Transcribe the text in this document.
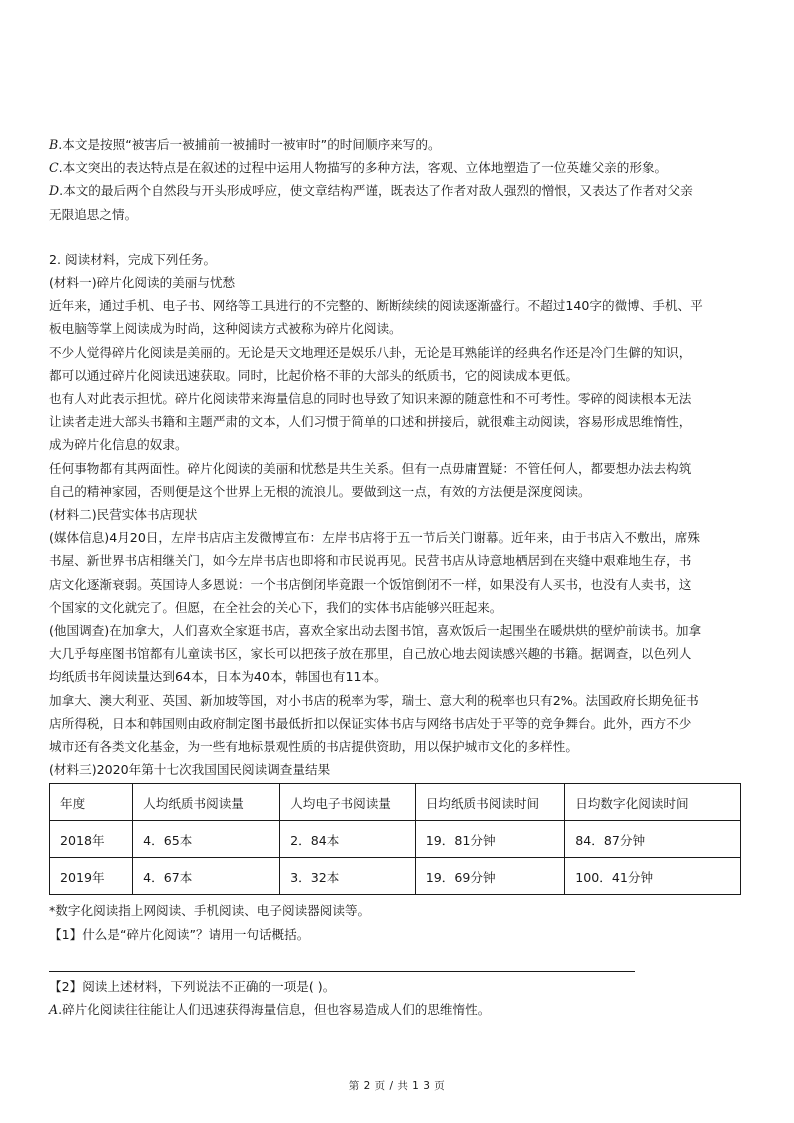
B.本文是按照“被害后一被捕前一被捕时一被审时”的时间顺序来写的。

C.本文突出的表达特点是在叙述的过程中运用人物描写的多种方法，客观、立体地塑造了一位英雄父亲的形象。

D.本文的最后两个自然段与开头形成呼应，使文章结构严谨，既表达了作者对敌人强烈的憎恨，又表达了作者对父亲

无限追思之情。

2. 阅读材料，完成下列任务。

(材料一)碎片化阅读的美丽与忧愁

近年来，通过手机、电子书、网络等工具进行的不完整的、断断续续的阅读逐渐盛行。不超过140字的微博、手机、平

板电脑等掌上阅读成为时尚，这种阅读方式被称为碎片化阅读。

不少人觉得碎片化阅读是美丽的。无论是天文地理还是娱乐八卦，无论是耳熟能详的经典名作还是冷门生僻的知识，

都可以通过碎片化阅读迅速获取。同时，比起价格不菲的大部头的纸质书，它的阅读成本更低。

也有人对此表示担忧。碎片化阅读带来海量信息的同时也导致了知识来源的随意性和不可考性。零碎的阅读根本无法

让读者走进大部头书籍和主题严肃的文本，人们习惯于简单的口述和拼接后，就很难主动阅读，容易形成思维惰性，

成为碎片化信息的奴隶。

任何事物都有其两面性。碎片化阅读的美丽和忧愁是共生关系。但有一点毋庸置疑：不管任何人，都要想办法去构筑

自己的精神家园，否则便是这个世界上无根的流浪儿。要做到这一点，有效的方法便是深度阅读。

(材料二)民营实体书店现状

(媒体信息)4月20日，左岸书店店主发微博宣布：左岸书店将于五一节后关门谢幕。近年来，由于书店入不敷出，席殊

书屋、新世界书店相继关门，如今左岸书店也即将和市民说再见。民营书店从诗意地栖居到在夹缝中艰难地生存，书

店文化逐渐衰弱。英国诗人多恩说：一个书店倒闭毕竟跟一个饭馆倒闭不一样，如果没有人买书，也没有人卖书，这

个国家的文化就完了。但愿，在全社会的关心下，我们的实体书店能够兴旺起来。

(他国调查)在加拿大，人们喜欢全家逛书店，喜欢全家出动去图书馆，喜欢饭后一起围坐在暖烘烘的壁炉前读书。加拿

大几乎每座图书馆都有儿童读书区，家长可以把孩子放在那里，自己放心地去阅读感兴趣的书籍。据调查，以色列人

均纸质书年阅读量达到64本，日本为40本，韩国也有11本。

加拿大、澳大利亚、英国、新加坡等国，对小书店的税率为零，瑞士、意大利的税率也只有2%。法国政府长期免征书

店所得税，日本和韩国则由政府制定图书最低折扣以保证实体书店与网络书店处于平等的竞争舞台。此外，西方不少

城市还有各类文化基金，为一些有地标景观性质的书店提供资助，用以保护城市文化的多样性。

(材料三)2020年第十七次我国国民阅读调查量结果

年度	人均纸质书阅读量	人均电子书阅读量	日均纸质书阅读时间	日均数字化阅读时间
2018年	4．65本	2．84本	19．81分钟	84．87分钟
2019年	4．67本	3．32本	19．69分钟	100．41分钟

*数字化阅读指上网阅读、手机阅读、电子阅读器阅读等。

【1】什么是“碎片化阅读”？请用一句话概括。

【2】阅读上述材料，下列说法不正确的一项是( )。

A.碎片化阅读往往能让人们迅速获得海量信息，但也容易造成人们的思维惰性。

第 2 页 / 共 1 3 页
